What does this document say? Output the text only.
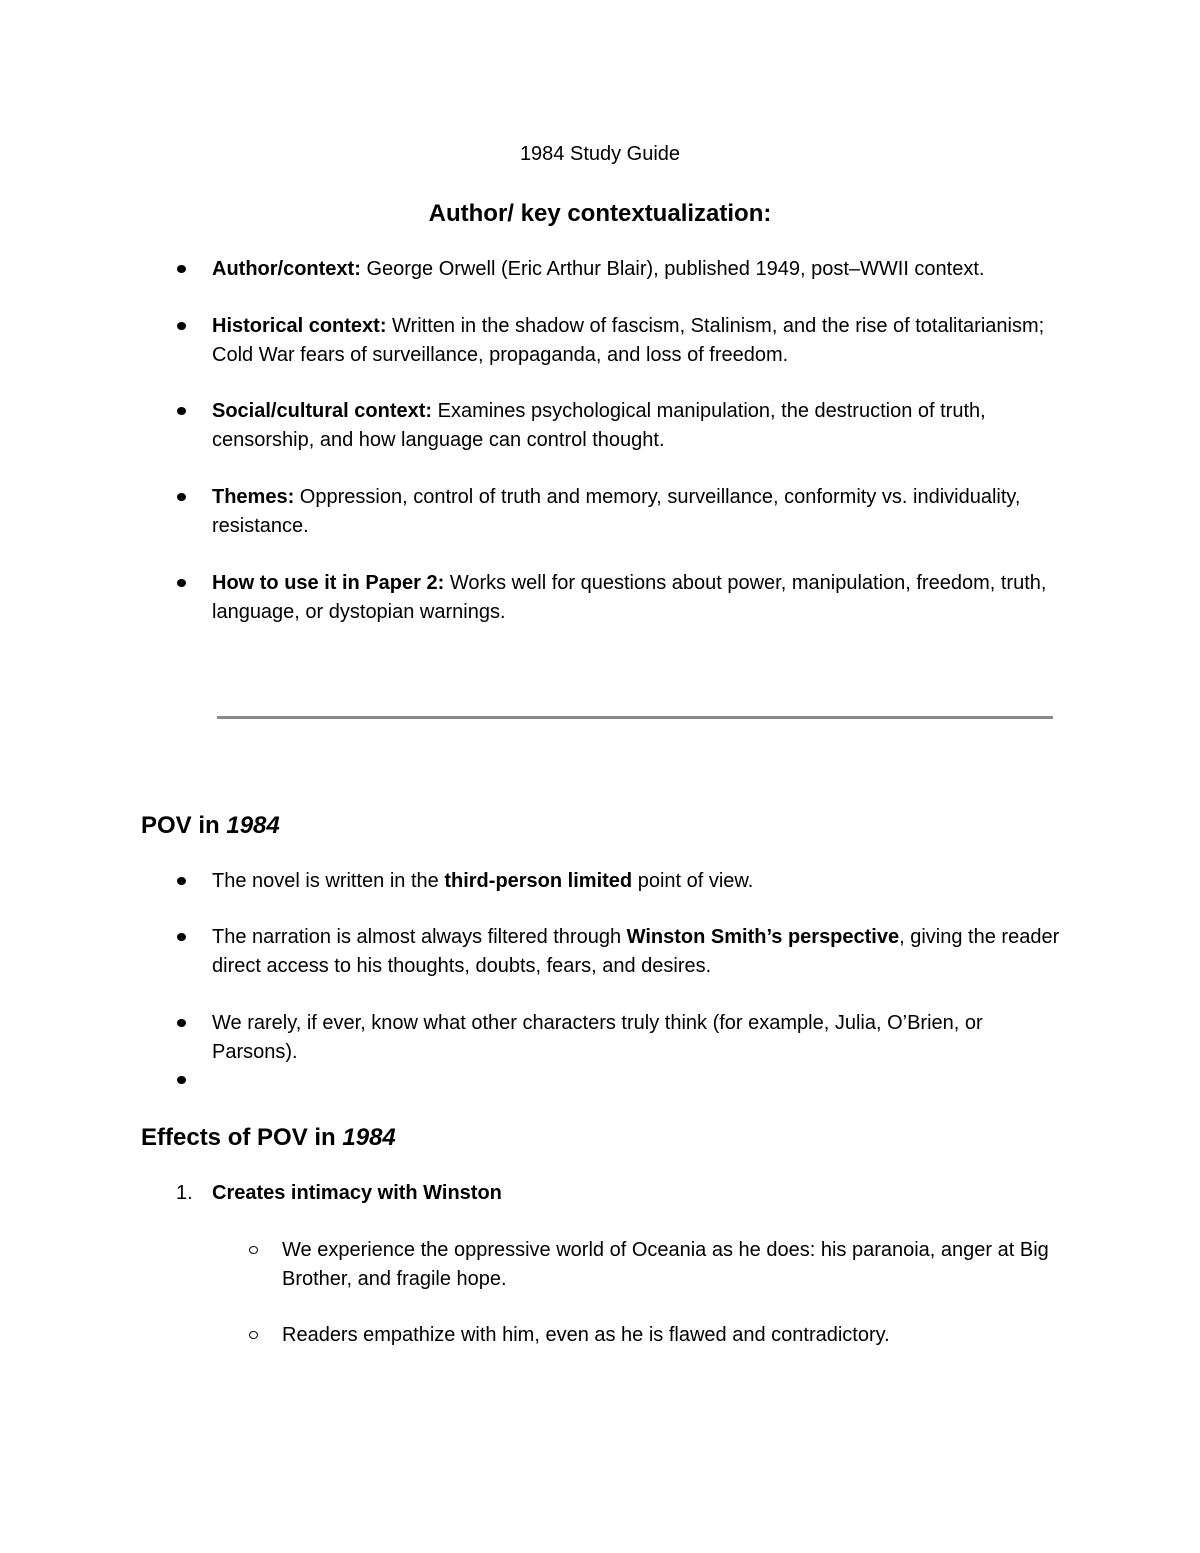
1984 Study Guide
Author/ key contextualization:
Author/context: George Orwell (Eric Arthur Blair), published 1949, post–WWII context.
Historical context: Written in the shadow of fascism, Stalinism, and the rise of totalitarianism; Cold War fears of surveillance, propaganda, and loss of freedom.
Social/cultural context: Examines psychological manipulation, the destruction of truth, censorship, and how language can control thought.
Themes: Oppression, control of truth and memory, surveillance, conformity vs. individuality, resistance.
How to use it in Paper 2: Works well for questions about power, manipulation, freedom, truth, language, or dystopian warnings.
POV in 1984
The novel is written in the third-person limited point of view.
The narration is almost always filtered through Winston Smith’s perspective, giving the reader direct access to his thoughts, doubts, fears, and desires.
We rarely, if ever, know what other characters truly think (for example, Julia, O’Brien, or Parsons).
Effects of POV in 1984
1. Creates intimacy with Winston
We experience the oppressive world of Oceania as he does: his paranoia, anger at Big Brother, and fragile hope.
Readers empathize with him, even as he is flawed and contradictory.
